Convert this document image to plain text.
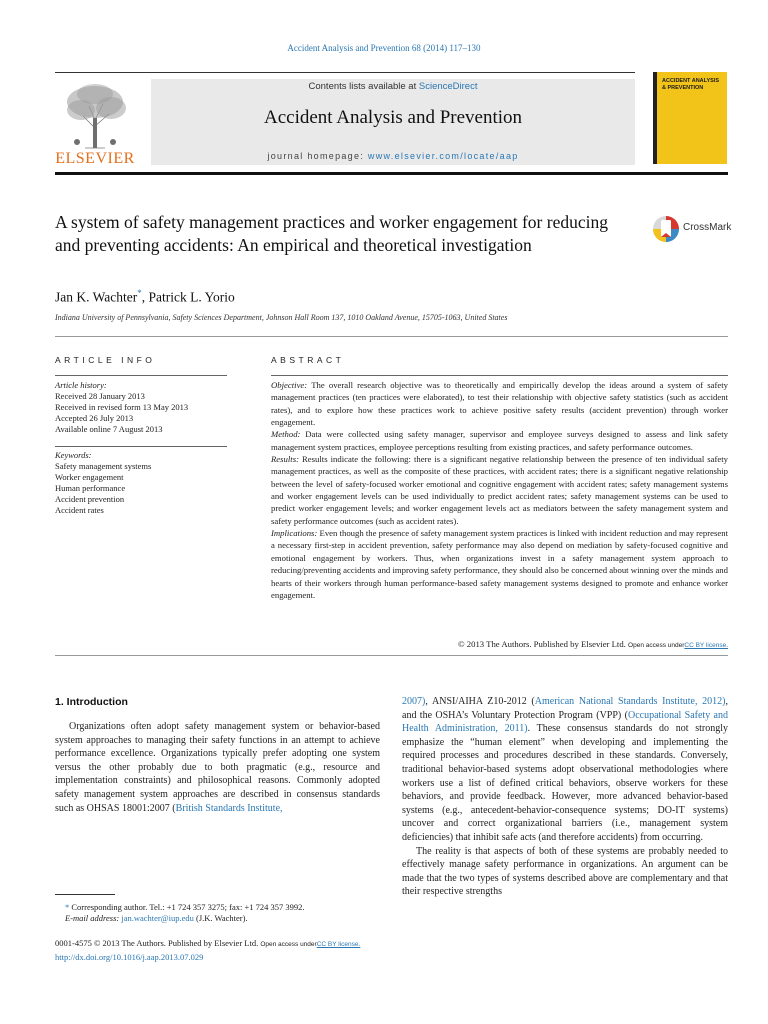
Accident Analysis and Prevention 68 (2014) 117–130
ELSEVIER
Contents lists available at ScienceDirect
Accident Analysis and Prevention
journal homepage: www.elsevier.com/locate/aap
ACCIDENT ANALYSIS & PREVENTION
A system of safety management practices and worker engagement for reducing and preventing accidents: An empirical and theoretical investigation
CrossMark
Jan K. Wachter*, Patrick L. Yorio
Indiana University of Pennsylvania, Safety Sciences Department, Johnson Hall Room 137, 1010 Oakland Avenue, 15705-1063, United States
ARTICLE INFO
Article history:
Received 28 January 2013
Received in revised form 13 May 2013
Accepted 26 July 2013
Available online 7 August 2013
Keywords:
Safety management systems
Worker engagement
Human performance
Accident prevention
Accident rates
ABSTRACT

Objective: The overall research objective was to theoretically and empirically develop the ideas around a system of safety management practices (ten practices were elaborated), to test their relationship with objective safety statistics (such as accident rates), and to explore how these practices work to achieve positive safety results (accident prevention) through worker engagement.

Method: Data were collected using safety manager, supervisor and employee surveys designed to assess and link safety management system practices, employee perceptions resulting from existing practices, and safety performance outcomes.

Results: Results indicate the following: there is a significant negative relationship between the presence of ten individual safety management practices, as well as the composite of these practices, with accident rates; there is a significant negative relationship between the level of safety-focused worker emotional and cognitive engagement with accident rates; safety management systems and worker engagement levels can be used individually to predict accident rates; safety management systems can be used to predict worker engagement levels; and worker engagement levels act as mediators between the safety management system and safety performance outcomes (such as accident rates).

Implications: Even though the presence of safety management system practices is linked with incident reduction and may represent a necessary first-step in accident prevention, safety performance may also depend on mediation by safety-focused cognitive and emotional engagement by workers. Thus, when organizations invest in a safety management system approach to reducing/preventing accidents and improving safety performance, they should also be concerned about winning over the minds and hearts of their workers through human performance-based safety management systems designed to promote and enhance worker engagement.

© 2013 The Authors. Published by Elsevier Ltd. Open access underCC BY license.
1. Introduction

Organizations often adopt safety management system or behavior-based system approaches to managing their safety functions in an attempt to achieve performance excellence. Organizations typically prefer adopting one system versus the other probably due to both pragmatic (e.g., resource and implementation constraints) and philosophical reasons. Commonly adopted safety management system approaches are described in consensus standards such as OHSAS 18001:2007 (British Standards Institute,

2007), ANSI/AIHA Z10-2012 (American National Standards Institute, 2012), and the OSHA’s Voluntary Protection Program (VPP) (Occupational Safety and Health Administration, 2011). These consensus standards do not strongly emphasize the “human element” when developing and implementing the required processes and procedures described in these standards. Conversely, traditional behavior-based systems adopt observational methodologies where workers use a list of defined critical behaviors, observe workers for these behaviors, and provide feedback. However, more advanced behavior-based systems (e.g., antecedent-behavior-consequence systems; DO-IT systems) uncover and correct organizational barriers (i.e., management system deficiencies) that inhibit safe acts (and therefore accidents) from occurring.

The reality is that aspects of both of these systems are probably needed to effectively manage safety performance in organizations. An argument can be made that the two types of systems described above are complementary and that their respective strengths

* Corresponding author. Tel.: +1 724 357 3275; fax: +1 724 357 3992.
E-mail address: jan.wachter@iup.edu (J.K. Wachter).
0001-4575 © 2013 The Authors. Published by Elsevier Ltd. Open access underCC BY license.
http://dx.doi.org/10.1016/j.aap.2013.07.029
